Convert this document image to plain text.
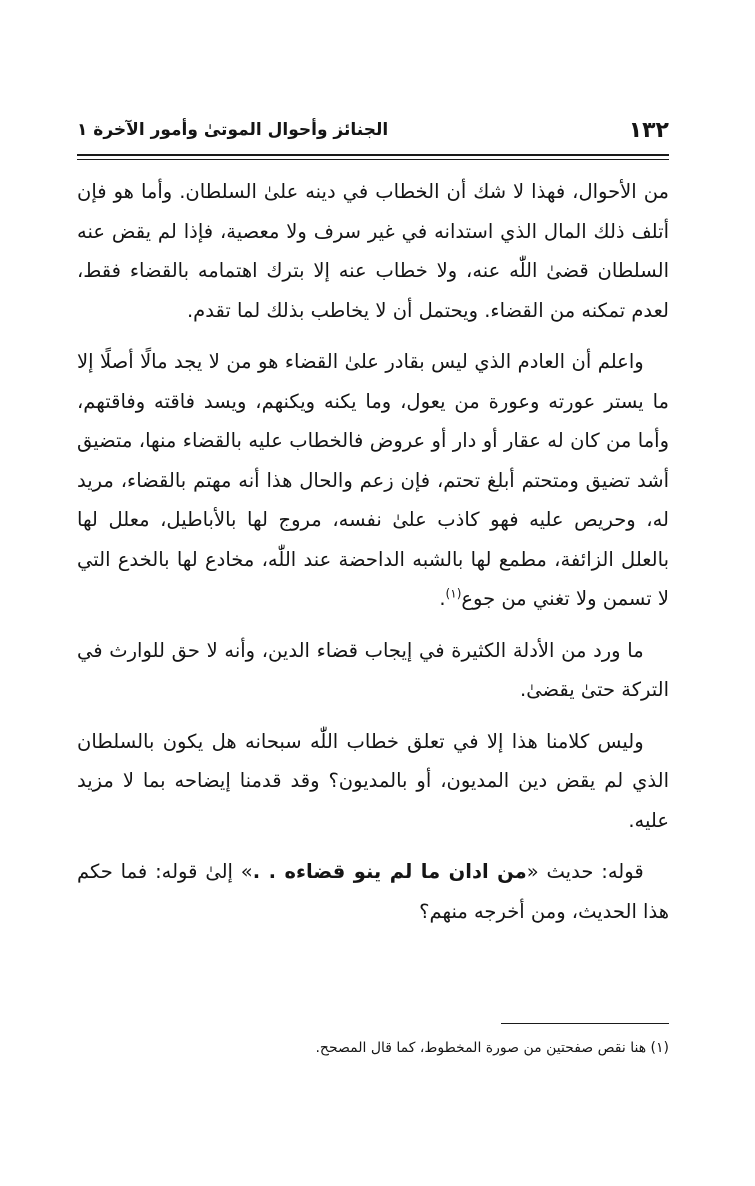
١٣٢
الجنائز وأحوال الموتىٰ وأمور الآخرة ١

من الأحوال، فهذا لا شك أن الخطاب في دينه علىٰ السلطان. وأما هو فإن أتلف ذلك المال الذي استدانه في غير سرف ولا معصية، فإذا لم يقض عنه السلطان قضىٰ اللّٰه عنه، ولا خطاب عنه إلا بترك اهتمامه بالقضاء فقط، لعدم تمكنه من القضاء. ويحتمل أن لا يخاطب بذلك لما تقدم.

واعلم أن العادم الذي ليس بقادر علىٰ القضاء هو من لا يجد مالًا أصلًا إلا ما يستر عورته وعورة من يعول، وما يكنه ويكنهم، ويسد فاقته وفاقتهم، وأما من كان له عقار أو دار أو عروض فالخطاب عليه بالقضاء منها، متضيق أشد تضيق ومتحتم أبلغ تحتم، فإن زعم والحال هذا أنه مهتم بالقضاء، مريد له، وحريص عليه فهو كاذب علىٰ نفسه، مروج لها بالأباطيل، معلل لها بالعلل الزائفة، مطمع لها بالشبه الداحضة عند اللّٰه، مخادع لها بالخدع التي لا تسمن ولا تغني من جوع$^{(١)}$.

ما ورد من الأدلة الكثيرة في إيجاب قضاء الدين، وأنه لا حق للوارث في التركة حتىٰ يقضىٰ.

وليس كلامنا هذا إلا في تعلق خطاب اللّٰه سبحانه هل يكون بالسلطان الذي لم يقض دين المديون، أو بالمديون؟ وقد قدمنا إيضاحه بما لا مزيد عليه.

قوله: حديث «من ادان ما لم ينو قضاءه . .» إلىٰ قوله: فما حكم هذا الحديث، ومن أخرجه منهم؟

(١) هنا نقص صفحتين من صورة المخطوط، كما قال المصحح.
